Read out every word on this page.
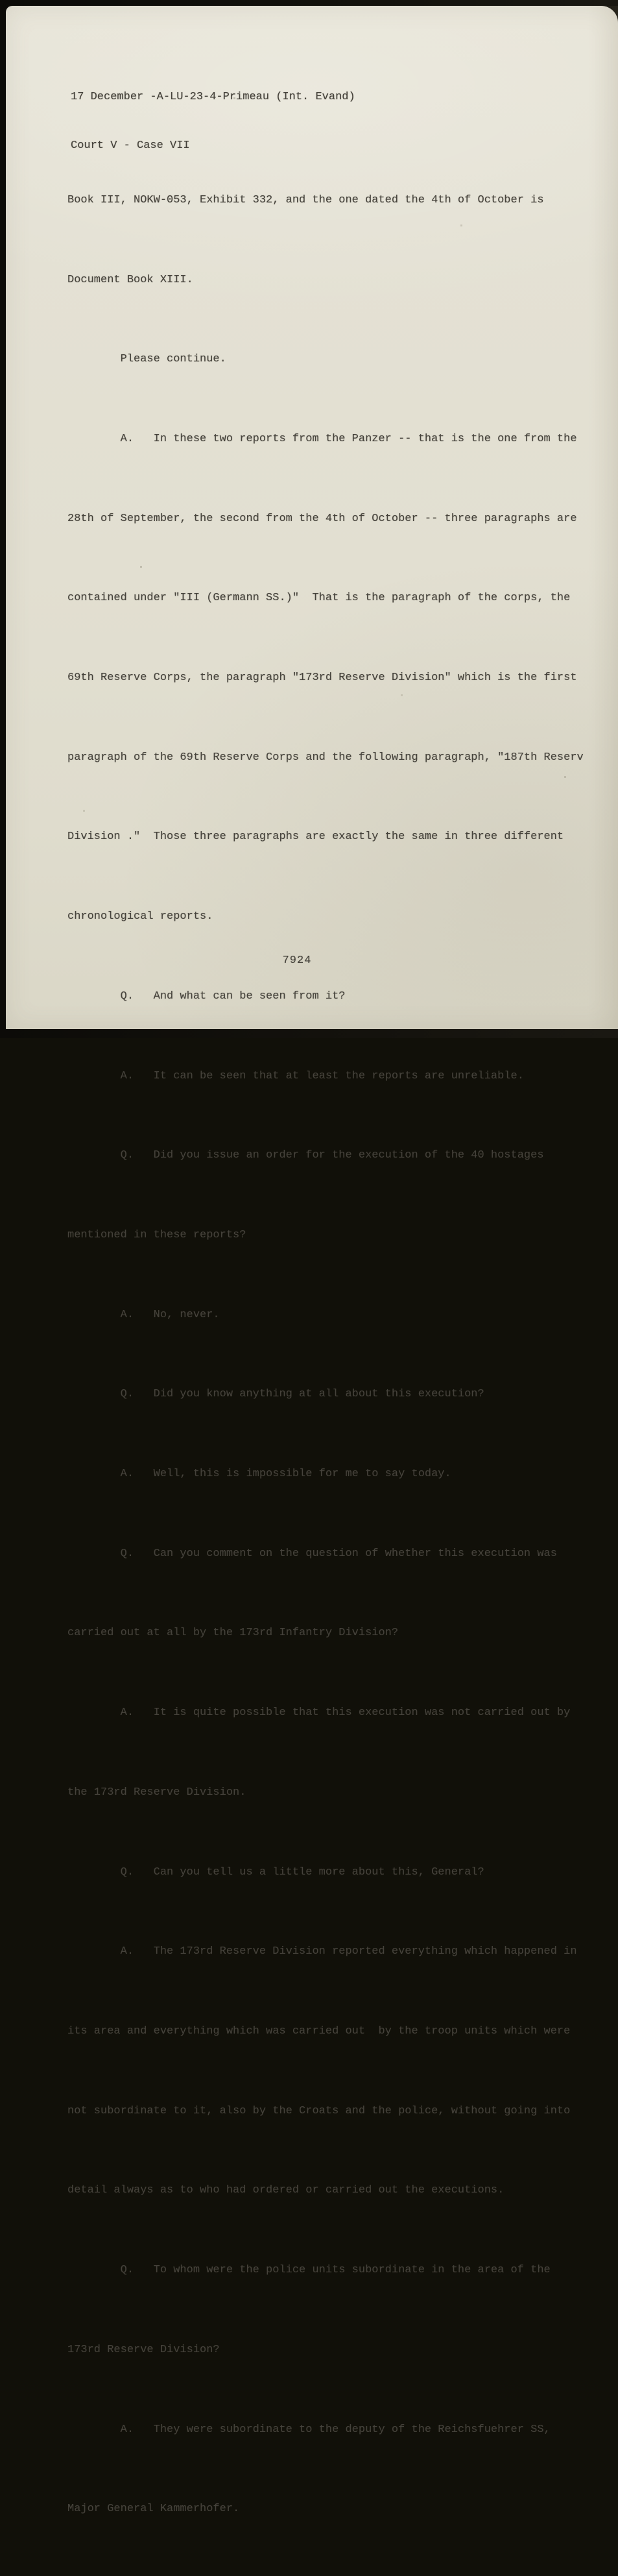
17 December -A-LU-23-4-Primeau (Int. Evand)

Court V - Case VII

Book III, NOKW-053, Exhibit 332, and the one dated the 4th of October is

Document Book XIII.

Please continue.

A.   In these two reports from the Panzer -- that is the one from the

28th of September, the second from the 4th of October -- three paragraphs are

contained under "III (Germann SS.)"  That is the paragraph of the corps, the

69th Reserve Corps, the paragraph "173rd Reserve Division" which is the first

paragraph of the 69th Reserve Corps and the following paragraph, "187th Reserv

Division ."  Those three paragraphs are exactly the same in three different

chronological reports.

Q.   And what can be seen from it?

A.   It can be seen that at least the reports are unreliable.

Q.   Did you issue an order for the execution of the 40 hostages

mentioned in these reports?

A.   No, never.

Q.   Did you know anything at all about this execution?

A.   Well, this is impossible for me to say today.

Q.   Can you comment on the question of whether this execution was

carried out at all by the 173rd Infantry Division?

A.   It is quite possible that this execution was not carried out by

the 173rd Reserve Division.

Q.   Can you tell us a little more about this, General?

A.   The 173rd Reserve Division reported everything which happened in

its area and everything which was carried out  by the troop units which were

not subordinate to it, also by the Croats and the police, without going into

detail always as to who had ordered or carried out the executions.

Q.   To whom were the police units subordinate in the area of the

173rd Reserve Division?

A.   They were subordinate to the deputy of the Reichsfuehrer SS,

Major General Kammerhofer.

7924
